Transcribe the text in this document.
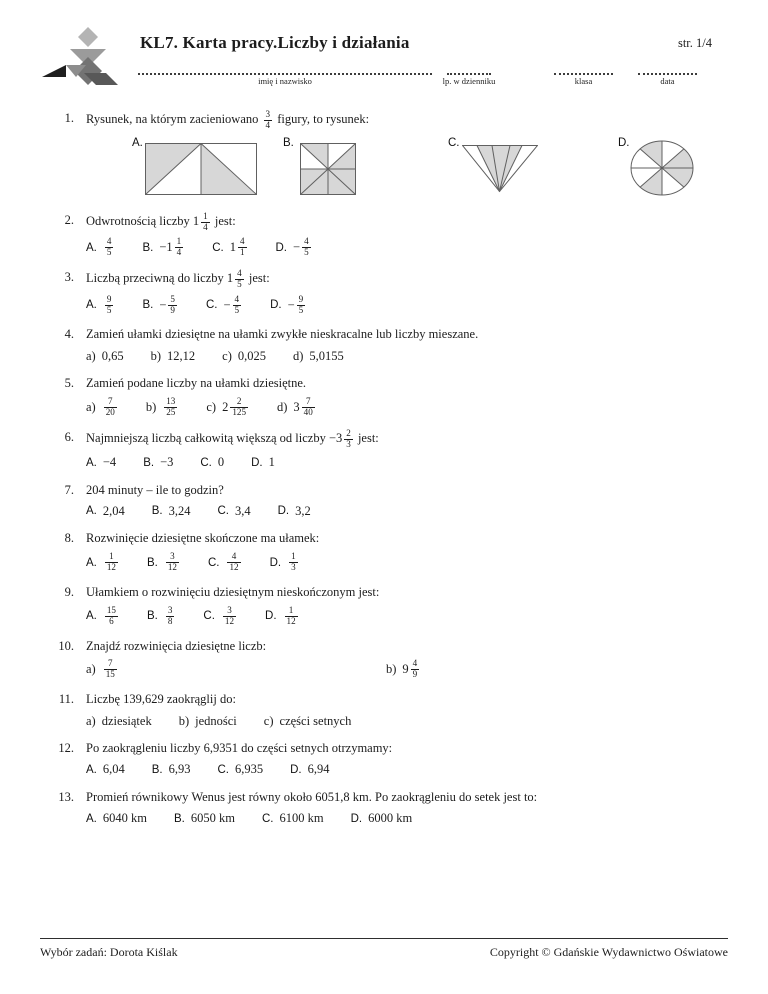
KL7. Karta pracy.Liczby i działania	str. 1/4
imię i nazwisko	lp. w dzienniku	klasa	data
1. Rysunek, na którym zacieniowano $\frac{3}{4}$ figury, to rysunek:
A.	B.	C.	D.
2. Odwrotnością liczby $1 \frac{1}{4}$ jest:
A. $\frac{4}{5}$	B. − $1 \frac{1}{4}$	C. $1 \frac{4}{1}$	D. − $\frac{4}{5}$
3. Liczbą przeciwną do liczby $1 \frac{4}{5}$ jest:
A. $\frac{9}{5}$	B. − $\frac{5}{9}$	C. − $\frac{4}{5}$	D. − $\frac{9}{5}$
4. Zamień ułamki dziesiętne na ułamki zwykłe nieskracalne lub liczby mieszane.
a) 0,65 b) 12,12 c) 0,025 d) 5,0155
5. Zamień podane liczby na ułamki dziesiętne.
$a) \frac{7}{20} b) \frac{13}{25} c$) $2 \frac{2}{125} d$) $3 \frac{7}{40}$
6. Najmniejszą liczbą całkowitą większą od liczby $-3 \frac{2}{3}$ jest:
A. −4 B. −3 C. 0 D. 1
7. 204 minuty – ile to godzin?
A. 2,04 B. 3,24 C. 3,4 D. 3,2
8. Rozwinięcie dziesiętne skończone ma ułamek:
A. $\frac{1}{12}$	B. $\frac{3}{12}$	C. $\frac{4}{12}$	D. $\frac{1}{3}$
9. Ułamkiem o rozwinięciu dziesiętnym nieskończonym jest:
A. $\frac{15}{6}$	B. $\frac{3}{8}$	C. $\frac{3}{12}$	D. $\frac{1}{12}$
10. Znajdź rozwinięcia dziesiętne liczb:
$a) \frac{7}{15}$	b) $9 \frac{4}{9}$
11. Liczbę 139,629 zaokrąglij do:
a) dziesiątek b) jedności c) części setnych
12. Po zaokrągleniu liczby 6,9351 do części setnych otrzymamy:
A. 6,04 B. 6,93 C. 6,935 D. 6,94
13. Promień równikowy Wenus jest równy około 6051,8 km. Po zaokrągleniu do setek jest to:
A. 6040 km B. 6050 km C. 6100 km D. 6000 km
Wybór zadań: Dorota Kiślak	Copyright © Gdańskie Wydawnictwo Oświatowe
